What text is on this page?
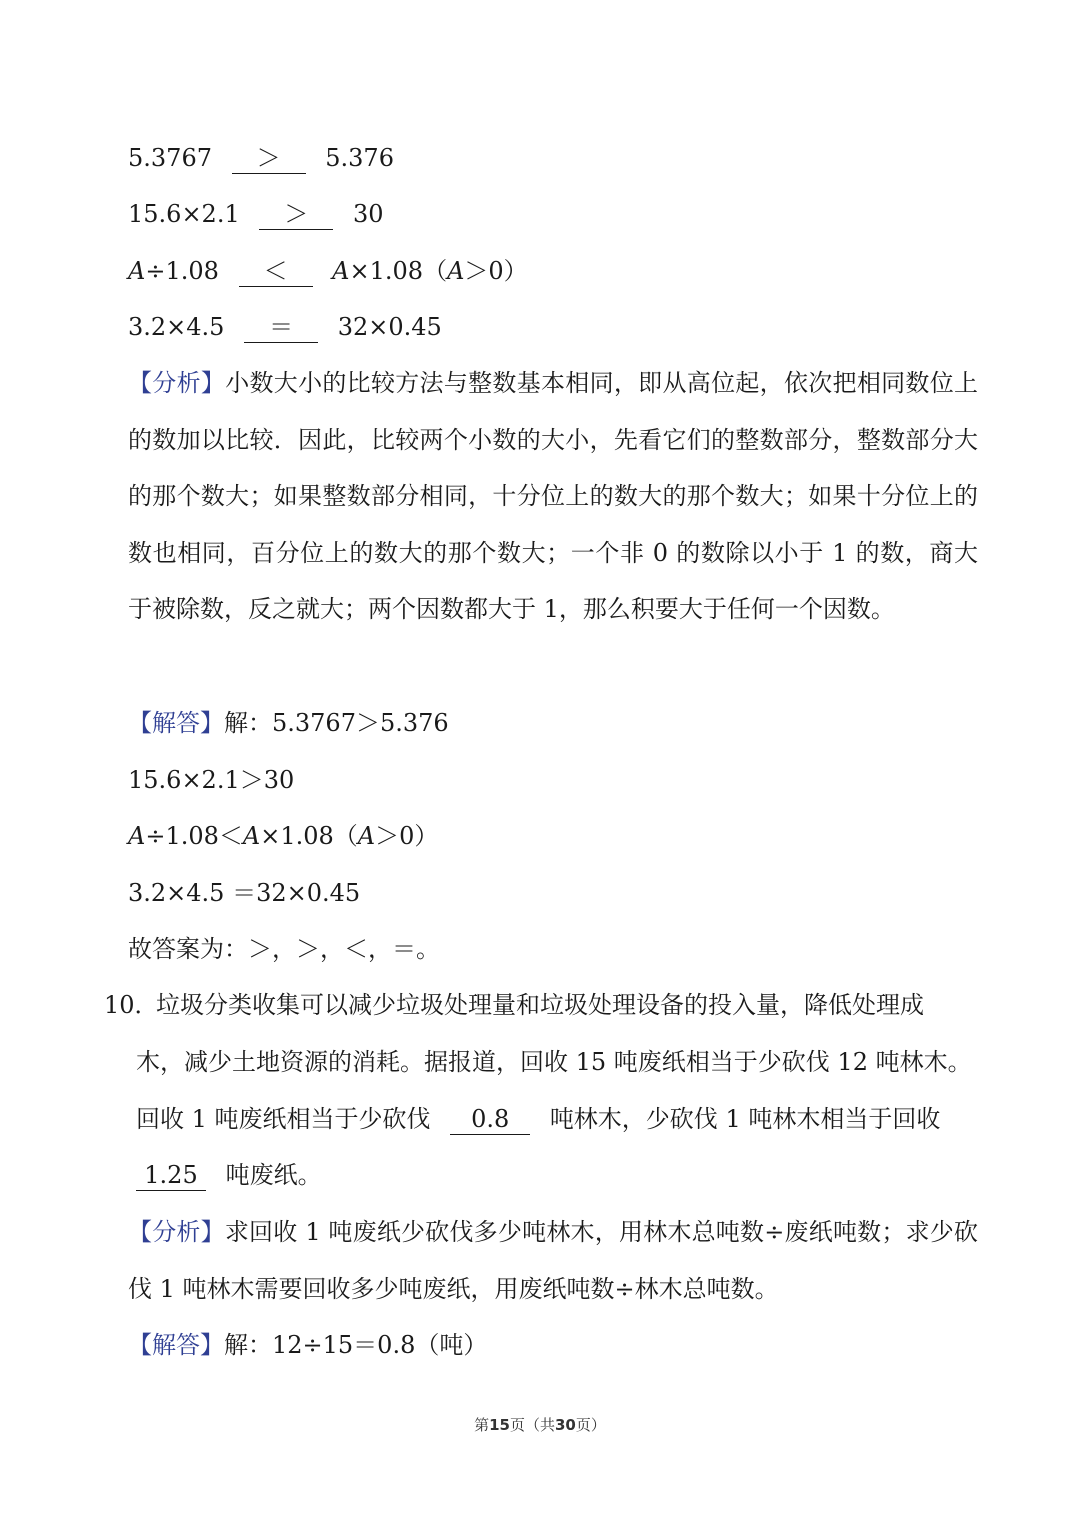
5.3767 ＞ 5.376
15.6×2.1 ＞ 30
A÷1.08 ＜ A×1.08（A＞0）
3.2×4.5 ＝ 32×0.45

【分析】小数大小的比较方法与整数基本相同，即从高位起，依次把相同数位上的数加以比较．因此，比较两个小数的大小，先看它们的整数部分，整数部分大的那个数大；如果整数部分相同，十分位上的数大的那个数大；如果十分位上的数也相同，百分位上的数大的那个数大；一个非 0 的数除以小于 1 的数，商大于被除数，反之就大；两个因数都大于 1，那么积要大于任何一个因数。

【解答】解：5.3767＞5.376
15.6×2.1＞30
A÷1.08＜A×1.08（A＞0）
3.2×4.5 ＝32×0.45
故答案为：＞，＞，＜，＝。
10．
垃圾分类收集可以减少垃圾处理量和垃圾处理设备的投入量，降低处理成
木，减少土地资源的消耗。据报道，回收 15 吨废纸相当于少砍伐 12 吨林木。
回收 1 吨废纸相当于少砍伐 0.8 吨林木，少砍伐 1 吨林木相当于回收
1.25 吨废纸。

【分析】求回收 1 吨废纸少砍伐多少吨林木，用林木总吨数÷废纸吨数；求少砍伐 1 吨林木需要回收多少吨废纸，用废纸吨数÷林木总吨数。

【解答】解：12÷15＝0.8（吨）
第15页（共30页）
